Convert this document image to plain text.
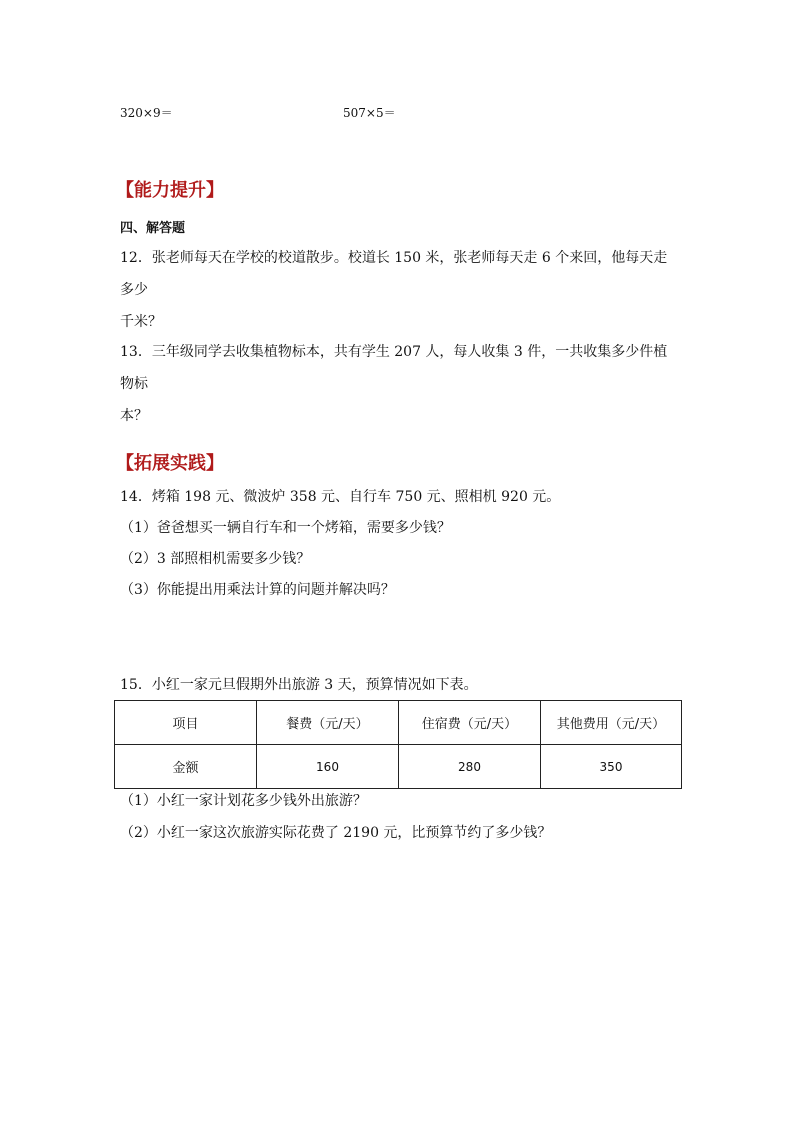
320×9＝	507×5＝
【能力提升】
四、解答题
12．张老师每天在学校的校道散步。校道长 150 米，张老师每天走 6 个来回，他每天走多少
千米？
13．三年级同学去收集植物标本，共有学生 207 人，每人收集 3 件，一共收集多少件植物标
本？
【拓展实践】
14．烤箱 198 元、微波炉 358 元、自行车 750 元、照相机 920 元。
（1）爸爸想买一辆自行车和一个烤箱，需要多少钱？
（2）3 部照相机需要多少钱？
（3）你能提出用乘法计算的问题并解决吗？
15．小红一家元旦假期外出旅游 3 天，预算情况如下表。
项目	餐费（元/天）	住宿费（元/天）	其他费用（元/天）
金额	160	280	350
（1）小红一家计划花多少钱外出旅游？
（2）小红一家这次旅游实际花费了 2190 元，比预算节约了多少钱？
